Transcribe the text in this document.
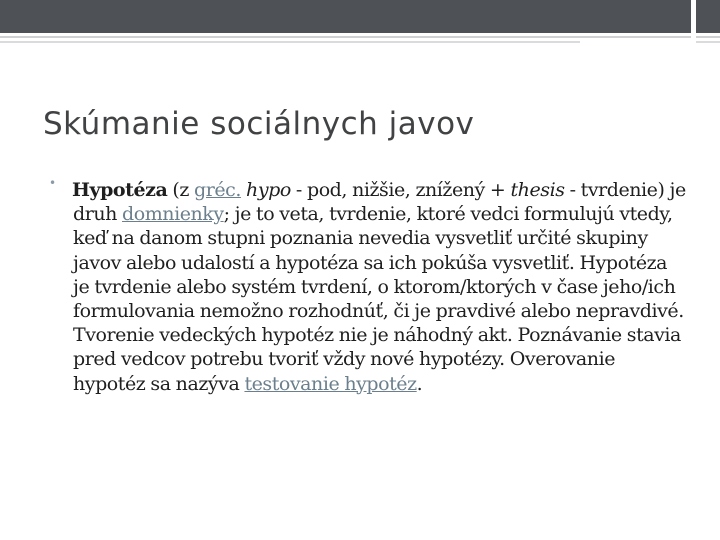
Skúmanie sociálnych javov
• Hypotéza (z gréc. hypo - pod, nižšie, znížený + thesis - tvrdenie) je druh domnienky; je to veta, tvrdenie, ktoré vedci formulujú vtedy, keď na danom stupni poznania nevedia vysvetliť určité skupiny javov alebo udalostí a hypotéza sa ich pokúša vysvetliť. Hypotéza je tvrdenie alebo systém tvrdení, o ktorom/ktorých v čase jeho/ich formulovania nemožno rozhodnúť, či je pravdivé alebo nepravdivé. Tvorenie vedeckých hypotéz nie je náhodný akt. Poznávanie stavia pred vedcov potrebu tvoriť vždy nové hypotézy. Overovanie hypotéz sa nazýva testovanie hypotéz.
